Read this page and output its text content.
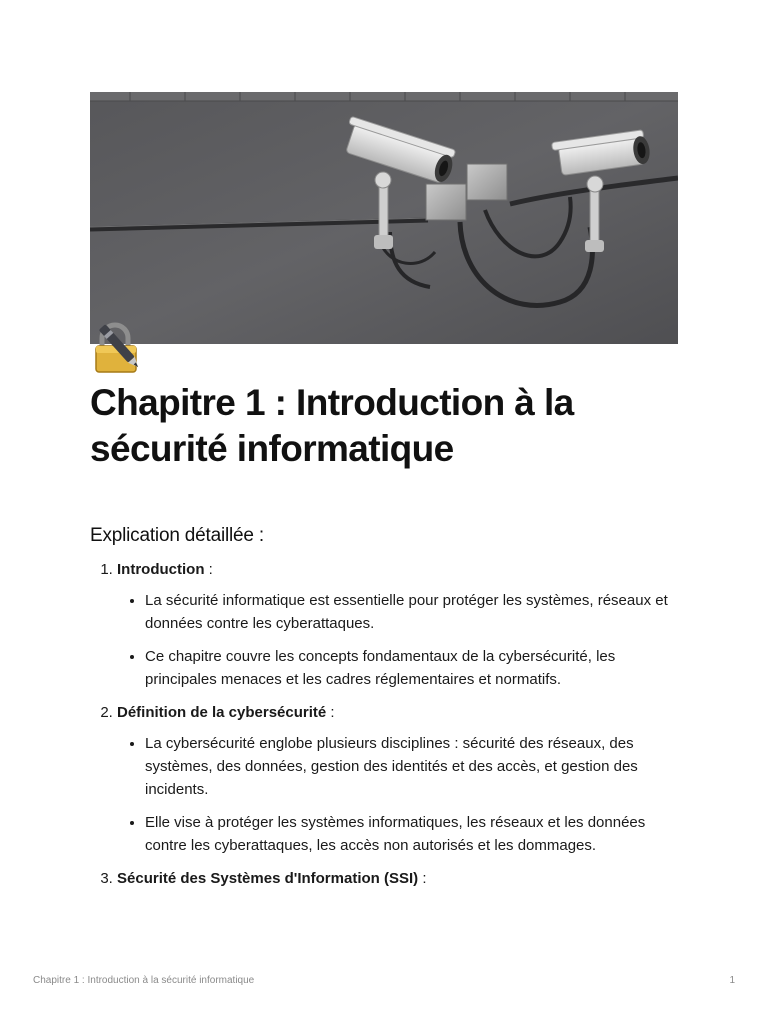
Chapitre 1 : Introduction à la sécurité informatique
Explication détaillée :
1. Introduction :
• La sécurité informatique est essentielle pour protéger les systèmes, réseaux et données contre les cyberattaques.
• Ce chapitre couvre les concepts fondamentaux de la cybersécurité, les principales menaces et les cadres réglementaires et normatifs.
2. Définition de la cybersécurité :
• La cybersécurité englobe plusieurs disciplines : sécurité des réseaux, des systèmes, des données, gestion des identités et des accès, et gestion des incidents.
• Elle vise à protéger les systèmes informatiques, les réseaux et les données contre les cyberattaques, les accès non autorisés et les dommages.
3. Sécurité des Systèmes d'Information (SSI) :
Chapitre 1 : Introduction à la sécurité informatique	1
